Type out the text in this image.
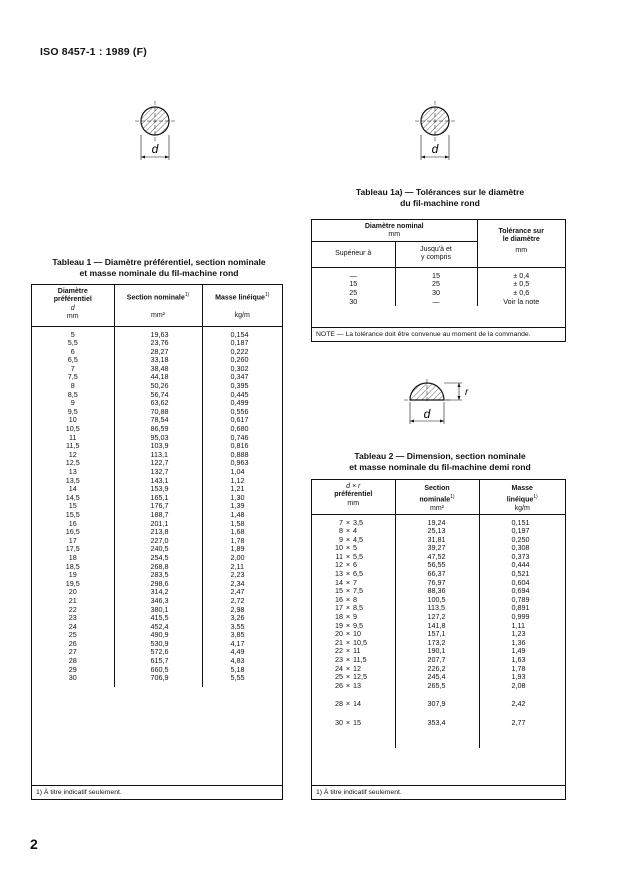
ISO 8457-1 : 1989 (F)
2
d	d
d
r
Tableau 1 — Diamètre préférentiel, section nominale
et masse nominale du fil-machine rond
Diamètre
préférentiel
d
mm	Section nominale$^{1)}$

mm²	Masse linéique$^{1)}$

kg/m

5	19,63	0,154
5,5	23,76	0,187
6	28,27	0,222
6,5	33,18	0,260
7	38,48	0,302
7,5	44,18	0,347
8	50,26	0,395
8,5	56,74	0,445
9	63,62	0,499
9,5	70,88	0,556
10	78,54	0,617
10,5	86,59	0,680
11	95,03	0,746
11,5	103,9	0,816
12	113,1	0,888
12,5	122,7	0,963
13	132,7	1,04
13,5	143,1	1,12
14	153,9	1,21
14,5	165,1	1,30
15	176,7	1,39
15,5	188,7	1,48
16	201,1	1,58
16,5	213,8	1,68
17	227,0	1,78
17,5	240,5	1,89
18	254,5	2,00
18,5	268,8	2,11
19	283,5	2,23
19,5	298,6	2,34
20	314,2	2,47
21	346,3	2,72
22	380,1	2,98
23	415,5	3,26
24	452,4	3,55
25	490,9	3,85
26	530,9	4,17
27	572,6	4,49
28	615,7	4,83
29	660,5	5,18
30	706,9	5,55

1) À titre indicatif seulement.
Tableau 1a) — Tolérances sur le diamètre
du fil-machine rond
Diamètre nominal
mm		Tolérance sur
le diamètre

mm

Supérieur à	Jusqu'à et
y compris	
—	15	± 0,4
15	25	± 0,5
25	30	± 0,6
30	—	Voir la note
NOTE — La tolérance doit être convenue au moment de la commande.
Tableau 2 — Dimension, section nominale
et masse nominale du fil-machine demi rond
d × r
préférentiel
mm	Section nominale$^{1)}$
mm²	Masse linéique$^{1)}$
kg/m
7 × 3,5	19,24	0,151
8 × 4	25,13	0,197
9 × 4,5	31,81	0,250
10 × 5	39,27	0,308
11 × 5,5	47,52	0,373
12 × 6	56,55	0,444
13 × 6,5	66,37	0,521
14 × 7	76,97	0,604
15 × 7,5	88,36	0,694
16 × 8	100,5	0,789
17 × 8,5	113,5	0,891
18 × 9	127,2	0,999
19 × 9,5	141,8	1,11
20 × 10	157,1	1,23
21 × 10,5	173,2	1,36
22 × 11	190,1	1,49
23 × 11,5	207,7	1,63
24 × 12	226,2	1,78
25 × 12,5	245,4	1,93
26 × 13	265,5	2,08
28 × 14	307,9	2,42
30 × 15	353,4	2,77

1) À titre indicatif seulement.
